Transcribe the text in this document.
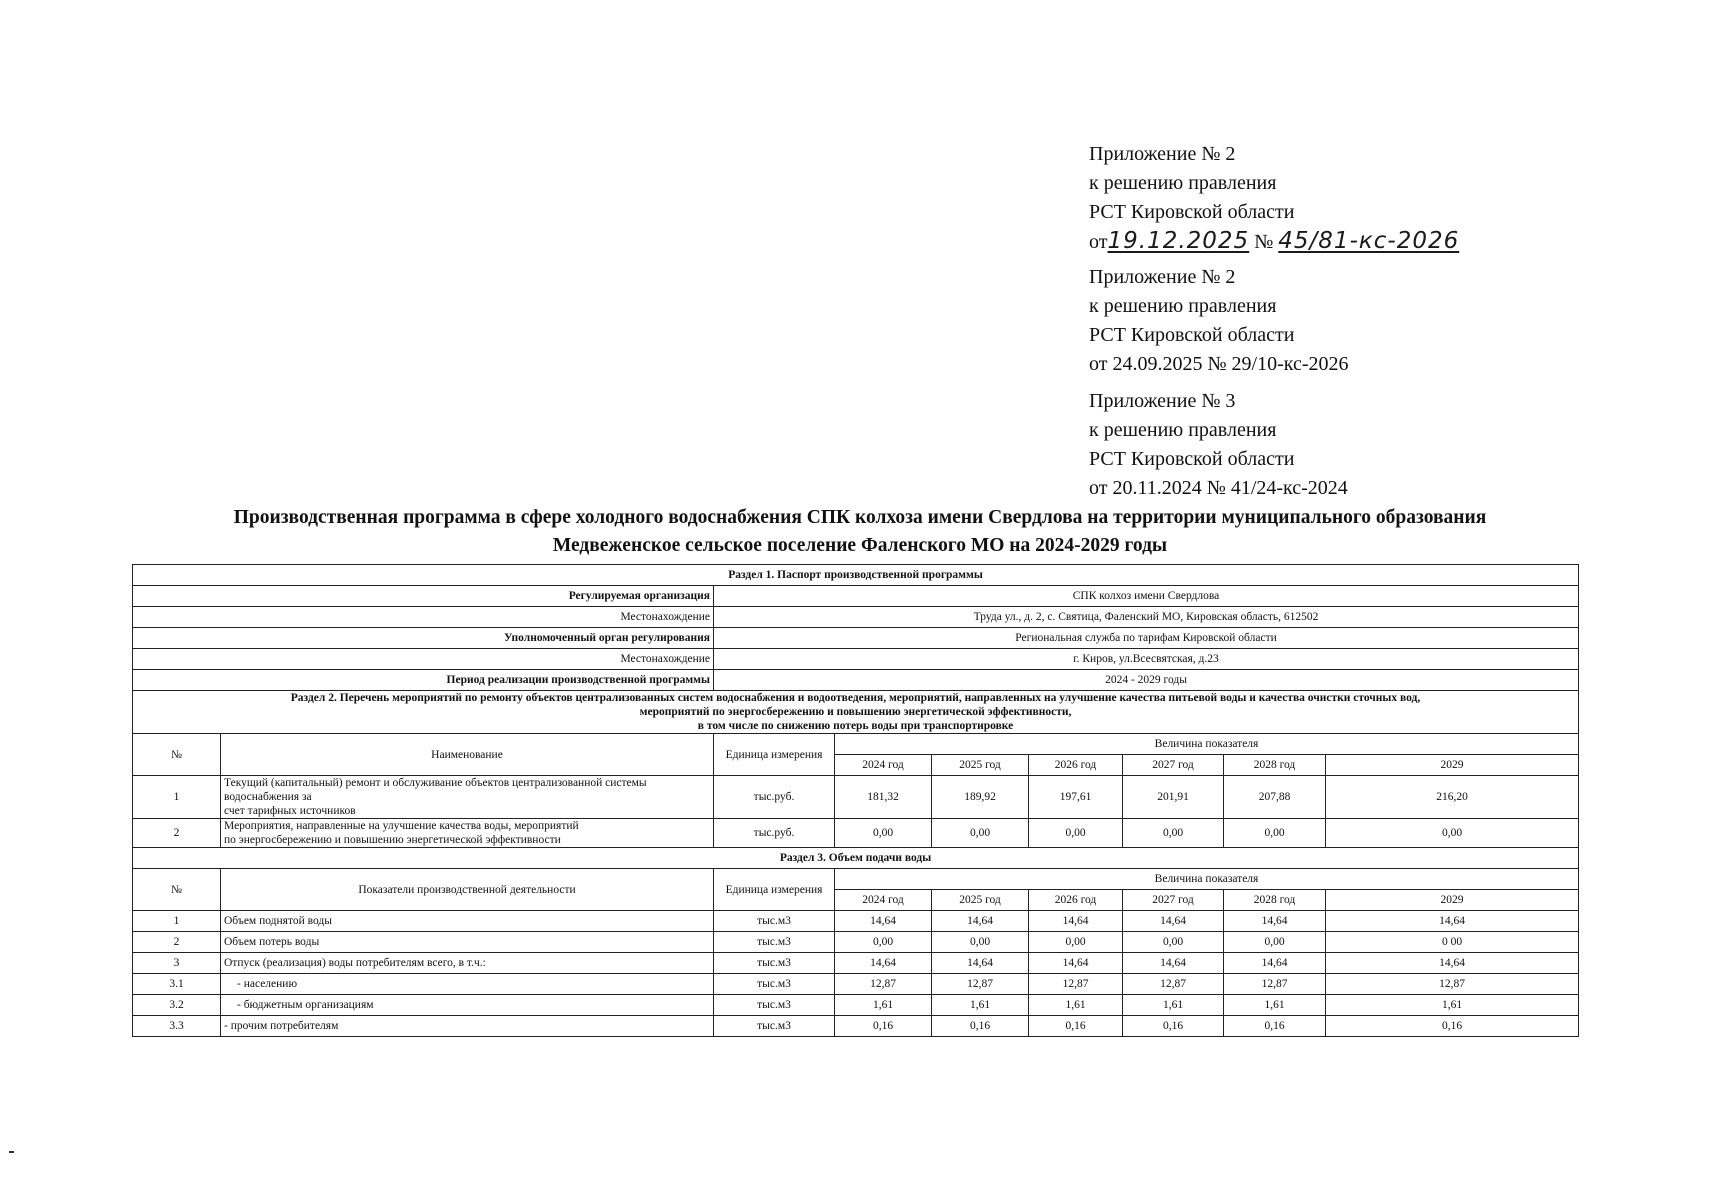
Приложение № 2
к решению правления
РСТ Кировской области
от19.12.2025 № 45/81-кс-2026
Приложение № 2
к решению правления
РСТ Кировской области
от 24.09.2025 № 29/10-кс-2026
Приложение № 3
к решению правления
РСТ Кировской области
от 20.11.2024 № 41/24-кс-2024
Производственная программа в сфере холодного водоснабжения СПК колхоза имени Свердлова на территории муниципального образования
Медвеженское сельское поселение Фаленского МО на 2024-2029 годы
Раздел 1. Паспорт производственной программы								
Регулируемая организация		СПК колхоз имени Свердлова						
Местонахождение		Труда ул., д. 2, с. Святица, Фаленский МО, Кировская область, 612502						
Уполномоченный орган регулирования		Региональная служба по тарифам Кировской области						
Местонахождение		г. Киров, ул.Всесвятская, д.23						
Период реализации производственной программы		2024 - 2029 годы						

Раздел 2. Перечень мероприятий по ремонту объектов централизованных систем водоснабжения и водоотведения, мероприятий, направленных на улучшение качества питьевой воды и качества очистки сточных вод,
мероприятий по энергосбережению и повышению энергетической эффективности,
в том числе по снижению потерь воды при транспортировке								

№	Наименование	Единица измерения	Величина показателя					
			2024 год	2025 год	2026 год	2027 год	2028 год	2029
1	Текущий (капитальный) ремонт и обслуживание объектов централизованной системы водоснабжения за
счет тарифных источников	тыс.руб.	181,32	189,92	197,61	201,91	207,88	216,20
2	Мероприятия, направленные на улучшение качества воды, мероприятий
по энергосбережению и повышению энергетической эффективности	тыс.руб.	0,00	0,00	0,00	0,00	0,00	0,00
Раздел 3. Объем подачи воды								
№	Показатели производственной деятельности	Единица измерения	Величина показателя					
			2024 год	2025 год	2026 год	2027 год	2028 год	2029
1	Объем поднятой воды	тыс.м3	14,64	14,64	14,64	14,64	14,64	14,64
2	Объем потерь воды	тыс.м3	0,00	0,00	0,00	0,00	0,00	0 00
3	Отпуск (реализация) воды потребителям всего, в т.ч.:	тыс.м3	14,64	14,64	14,64	14,64	14,64	14,64
3.1	- населению	тыс.м3	12,87	12,87	12,87	12,87	12,87	12,87
3.2	- бюджетным организациям	тыс.м3	1,61	1,61	1,61	1,61	1,61	1,61
3.3	- прочим потребителям	тыс.м3	0,16	0,16	0,16	0,16	0,16	0,16
